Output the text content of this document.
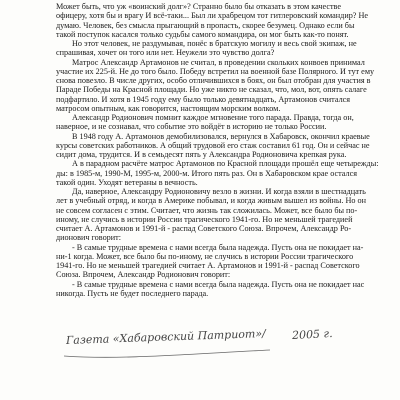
Может быть, что уж «воинский долг»? Странно было бы отказать в этом качестве
офицеру, хотя бы и врагу И всё-таки... Был ли храбрецом тот гитлеровский командир? Не
думаю. Человек, без смысла прыгающий в пропасть, скорее безумец. Однако если бы
такой поступок касался только судьбы самого командира, он мог быть как-то понят.
Но этот человек, не раздумывая, понёс в братскую могилу и весь свой экипаж, не
спрашивая, хочет он того или нет. Неужели это чувство долга?
Матрос Александр Артамонов не считал, в проведении скольких конвоев принимал
участие их 225-й. Не до того было. Победу встретил на военной базе Полярного. И тут ему
снова повезло. В числе других, особо отличившихся в боях, он был отобран для участия в
Параде Победы на Красной площади. Но уже никто не сказал, что, мол, вот, опять салаге
подфартило. И хотя в 1945 году ему было только девятнадцать, Артамонов считался
матросом опытным, как говорится, настоящим морским волком.
Александр Родионович помнит каждое мгновение того парада. Правда, тогда он,
наверное, и не сознавал, что событие это войдёт в историю не только России.
В 1948 году А. Артамонов демобилизовался, вернулся в Хабаровск, окончил краевые
курсы советских работников. А общий трудовой его стаж составил 61 год. Он и сейчас не
сидит дома, трудится. И в семьдесят пять у Александра Родионовича крепкая рука.
А в парадном расчёте матрос Артамонов по Красной площади прошёл еще четырежды:
ды: в 1985-м, 1990-М, 1995-м, 2000-м. Итого пять раз. Он в Хабаровском крае остался
такой один. Уходят ветераны в вечность.
Да, наверное, Александру Родионовичу везло в жизни. И когда взяли в шестнадцать
лет в учебный отряд, и когда в Америке побывал, и когда живым вышел из войны. Но он
не совсем согласен с этим. Считает, что жизнь так сложилась. Может, все было бы по-
иному, не случись в истории России трагического 1941-го. Но не меньшей трагедией
считает А. Артамонов и 1991-й - распад Советского Союза. Впрочем, Александр Ро-
дионович говорит:
- В самые трудные времена с нами всегда была надежда. Пусть она не покидает на-
ни-1 когда. Может, все было бы по-иному, не случись в истории России трагического
1941-го. Но не меньшей трагедией считает А. Артамонов и 1991-й - распад Советского
Союза. Впрочем, Александр Родионович говорит:
- В самые трудные времена с нами всегда была надежда. Пусть она не покидает нас
никогда. Пусть не будет последнего парада.
Газета «Хабаровский Патриот»/ 2005 г.
